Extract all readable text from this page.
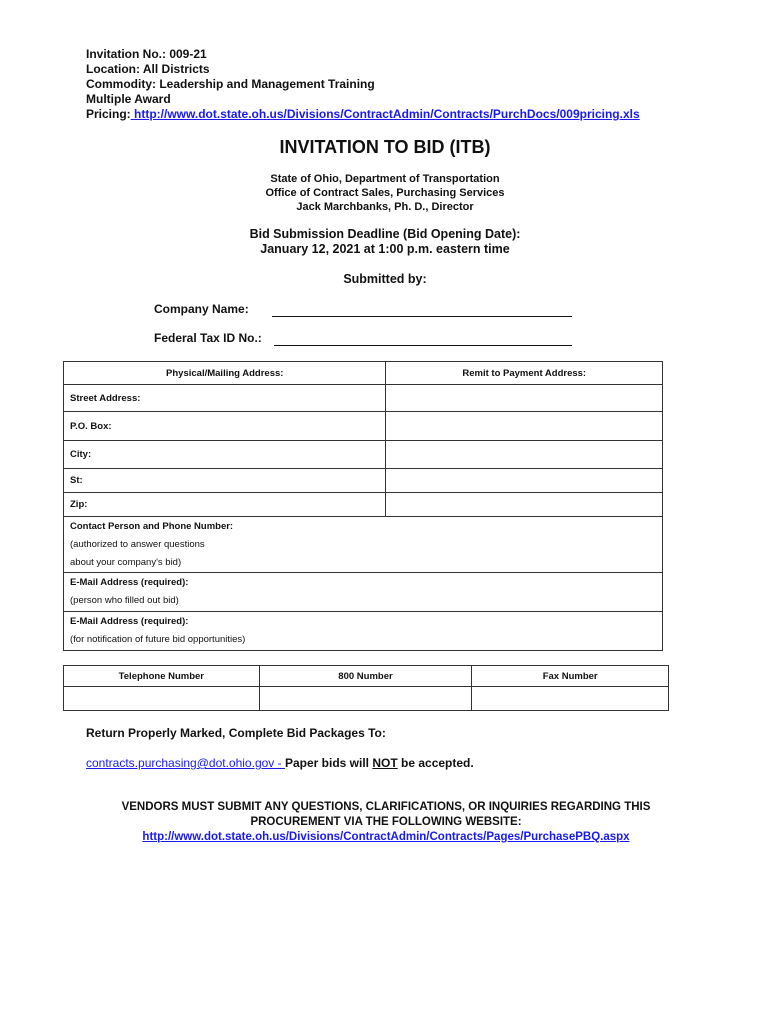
Invitation No.: 009-21
Location: All Districts
Commodity: Leadership and Management Training
Multiple Award
Pricing: http://www.dot.state.oh.us/Divisions/ContractAdmin/Contracts/PurchDocs/009pricing.xls
INVITATION TO BID (ITB)
State of Ohio, Department of Transportation
Office of Contract Sales, Purchasing Services
Jack Marchbanks, Ph. D., Director
Bid Submission Deadline (Bid Opening Date):
January 12, 2021 at 1:00 p.m. eastern time
Submitted by:
Company Name:
Federal Tax ID No.:
Physical/Mailing Address:	Remit to Payment Address:
Street Address:	
P.O. Box:	
City:	
St:	
Zip:	

Contact Person and Phone Number:
(authorized to answer questions
about your company's bid)	

E-Mail Address (required):
(person who filled out bid)	

E-Mail Address (required):
(for notification of future bid opportunities)	
Telephone Number	800 Number	Fax Number

Return Properly Marked, Complete Bid Packages To:
contracts.purchasing@dot.ohio.gov - Paper bids will NOT be accepted.
VENDORS MUST SUBMIT ANY QUESTIONS, CLARIFICATIONS, OR INQUIRIES REGARDING THIS
PROCUREMENT VIA THE FOLLOWING WEBSITE:
http://www.dot.state.oh.us/Divisions/ContractAdmin/Contracts/Pages/PurchasePBQ.aspx
